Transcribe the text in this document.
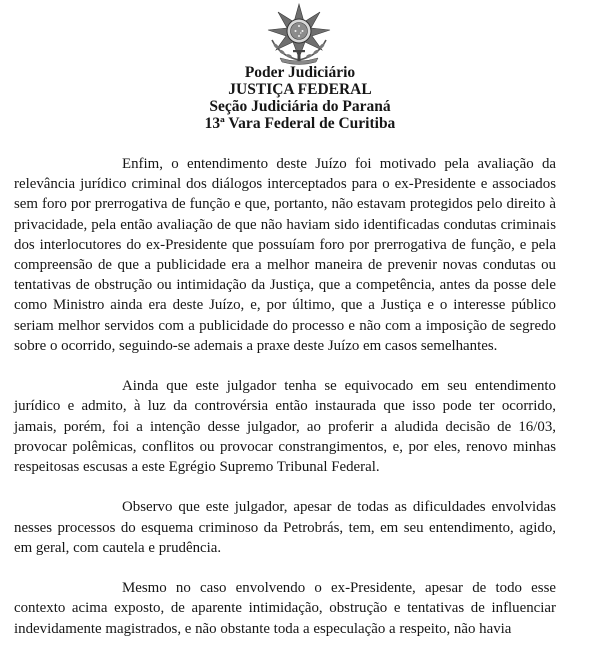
Poder Judiciário
JUSTIÇA FEDERAL
Seção Judiciária do Paraná
13ª Vara Federal de Curitiba

Enfim, o entendimento deste Juízo foi motivado pela avaliação da relevância jurídico criminal dos diálogos interceptados para o ex-Presidente e associados sem foro por prerrogativa de função e que, portanto, não estavam protegidos pelo direito à privacidade, pela então avaliação de que não haviam sido identificadas condutas criminais dos interlocutores do ex-Presidente que possuíam foro por prerrogativa de função, e pela compreensão de que a publicidade era a melhor maneira de prevenir novas condutas ou tentativas de obstrução ou intimidação da Justiça, que a competência, antes da posse dele como Ministro ainda era deste Juízo, e, por último, que a Justiça e o interesse público seriam melhor servidos com a publicidade do processo e não com a imposição de segredo sobre o ocorrido, seguindo-se ademais a praxe deste Juízo em casos semelhantes.

Ainda que este julgador tenha se equivocado em seu entendimento jurídico e admito, à luz da controvérsia então instaurada que isso pode ter ocorrido, jamais, porém, foi a intenção desse julgador, ao proferir a aludida decisão de 16/03, provocar polêmicas, conflitos ou provocar constrangimentos, e, por eles, renovo minhas respeitosas escusas a este Egrégio Supremo Tribunal Federal.

Observo que este julgador, apesar de todas as dificuldades envolvidas nesses processos do esquema criminoso da Petrobrás, tem, em seu entendimento, agido, em geral, com cautela e prudência.

Mesmo no caso envolvendo o ex-Presidente, apesar de todo esse contexto acima exposto, de aparente intimidação, obstrução e tentativas de influenciar indevidamente magistrados, e não obstante toda a especulação a respeito, não havia
